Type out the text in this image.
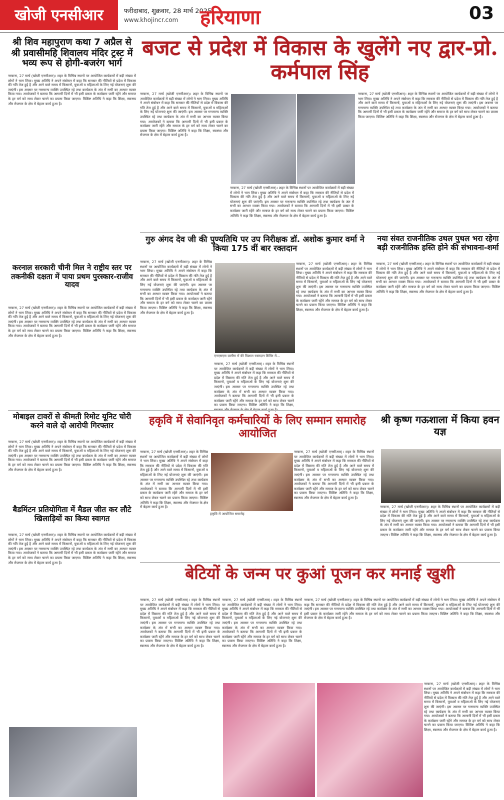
खोजी एनसीआर	फरीदाबाद, शुक्रवार, 28 मार्च 2025
www.khojincr.com हरियाणा	03
श्री शिव महापुराण कथा 7 अप्रैल से श्री प्रवासीमहि शिवालय मंदिर ट्रस्ट में भव्य रूप से होगी-बजरंग भार्ग
नरवाना, 27 मार्च (खोजी एनसीआर)। शहर के विभिन्न स्थानों पर आयोजित कार्यक्रमों में बड़ी संख्या में लोगों ने भाग लिया। मुख्य अतिथि ने अपने संबोधन में कहा कि सरकार की नीतियों से प्रदेश में विकास की गति तेज हुई है और आने वाले समय में किसानों, युवाओं व महिलाओं के लिए नई योजनाएं शुरू की जाएंगी। इस अवसर पर गणमान्य व्यक्ति उपस्थित रहे तथा कार्यक्रम के अंत में सभी का आभार व्यक्त किया गया। आयोजकों ने बताया कि आगामी दिनों में भी इसी प्रकार के कार्यक्रम जारी रहेंगे और समाज के हर वर्ग को साथ लेकर चलने का प्रयास किया जाएगा। विशिष्ट अतिथि ने कहा कि शिक्षा, स्वास्थ्य और रोजगार के क्षेत्र में बेहतर कार्य हुआ है।
बजट से प्रदेश में विकास के खुलेंगे नए द्वार-प्रो. कर्मपाल सिंह
नरवाना, 27 मार्च (खोजी एनसीआर)। शहर के विभिन्न स्थानों पर आयोजित कार्यक्रमों में बड़ी संख्या में लोगों ने भाग लिया। मुख्य अतिथि ने अपने संबोधन में कहा कि सरकार की नीतियों से प्रदेश में विकास की गति तेज हुई है और आने वाले समय में किसानों, युवाओं व महिलाओं के लिए नई योजनाएं शुरू की जाएंगी। इस अवसर पर गणमान्य व्यक्ति उपस्थित रहे तथा कार्यक्रम के अंत में सभी का आभार व्यक्त किया गया। आयोजकों ने बताया कि आगामी दिनों में भी इसी प्रकार के कार्यक्रम जारी रहेंगे और समाज के हर वर्ग को साथ लेकर चलने का प्रयास किया जाएगा। विशिष्ट अतिथि ने कहा कि शिक्षा, स्वास्थ्य और रोजगार के क्षेत्र में बेहतर कार्य हुआ है।
नरवाना, 27 मार्च (खोजी एनसीआर)। शहर के विभिन्न स्थानों पर आयोजित कार्यक्रमों में बड़ी संख्या में लोगों ने भाग लिया। मुख्य अतिथि ने अपने संबोधन में कहा कि सरकार की नीतियों से प्रदेश में विकास की गति तेज हुई है और आने वाले समय में किसानों, युवाओं व महिलाओं के लिए नई योजनाएं शुरू की जाएंगी। इस अवसर पर गणमान्य व्यक्ति उपस्थित रहे तथा कार्यक्रम के अंत में सभी का आभार व्यक्त किया गया। आयोजकों ने बताया कि आगामी दिनों में भी इसी प्रकार के कार्यक्रम जारी रहेंगे और समाज के हर वर्ग को साथ लेकर चलने का प्रयास किया जाएगा। विशिष्ट अतिथि ने कहा कि शिक्षा, स्वास्थ्य और रोजगार के क्षेत्र में बेहतर कार्य हुआ है।
नरवाना, 27 मार्च (खोजी एनसीआर)। शहर के विभिन्न स्थानों पर आयोजित कार्यक्रमों में बड़ी संख्या में लोगों ने भाग लिया। मुख्य अतिथि ने अपने संबोधन में कहा कि सरकार की नीतियों से प्रदेश में विकास की गति तेज हुई है और आने वाले समय में किसानों, युवाओं व महिलाओं के लिए नई योजनाएं शुरू की जाएंगी। इस अवसर पर गणमान्य व्यक्ति उपस्थित रहे तथा कार्यक्रम के अंत में सभी का आभार व्यक्त किया गया। आयोजकों ने बताया कि आगामी दिनों में भी इसी प्रकार के कार्यक्रम जारी रहेंगे और समाज के हर वर्ग को साथ लेकर चलने का प्रयास किया जाएगा। विशिष्ट अतिथि ने कहा कि शिक्षा, स्वास्थ्य और रोजगार के क्षेत्र में बेहतर कार्य हुआ है।
गुरु अंगद देव जी की पुण्यतिथि पर उप निरीक्षक डॉ. अशोक कुमार वर्मा ने किया 175 वीं बार रक्तदान
नरवाना, 27 मार्च (खोजी एनसीआर)। शहर के विभिन्न स्थानों पर आयोजित कार्यक्रमों में बड़ी संख्या में लोगों ने भाग लिया। मुख्य अतिथि ने अपने संबोधन में कहा कि सरकार की नीतियों से प्रदेश में विकास की गति तेज हुई है और आने वाले समय में किसानों, युवाओं व महिलाओं के लिए नई योजनाएं शुरू की जाएंगी। इस अवसर पर गणमान्य व्यक्ति उपस्थित रहे तथा कार्यक्रम के अंत में सभी का आभार व्यक्त किया गया। आयोजकों ने बताया कि आगामी दिनों में भी इसी प्रकार के कार्यक्रम जारी रहेंगे और समाज के हर वर्ग को साथ लेकर चलने का प्रयास किया जाएगा। विशिष्ट अतिथि ने कहा कि शिक्षा, स्वास्थ्य और रोजगार के क्षेत्र में बेहतर कार्य हुआ है।
एनएसएस ग्रामीण में की विशाल रक्तदान शिविर में...
नरवाना, 27 मार्च (खोजी एनसीआर)। शहर के विभिन्न स्थानों पर आयोजित कार्यक्रमों में बड़ी संख्या में लोगों ने भाग लिया। मुख्य अतिथि ने अपने संबोधन में कहा कि सरकार की नीतियों से प्रदेश में विकास की गति तेज हुई है और आने वाले समय में किसानों, युवाओं व महिलाओं के लिए नई योजनाएं शुरू की जाएंगी। इस अवसर पर गणमान्य व्यक्ति उपस्थित रहे तथा कार्यक्रम के अंत में सभी का आभार व्यक्त किया गया। आयोजकों ने बताया कि आगामी दिनों में भी इसी प्रकार के कार्यक्रम जारी रहेंगे और समाज के हर वर्ग को साथ लेकर चलने का प्रयास किया जाएगा। विशिष्ट अतिथि ने कहा कि शिक्षा, स्वास्थ्य और रोजगार के क्षेत्र में बेहतर कार्य हुआ है।
नरवाना, 27 मार्च (खोजी एनसीआर)। शहर के विभिन्न स्थानों पर आयोजित कार्यक्रमों में बड़ी संख्या में लोगों ने भाग लिया। मुख्य अतिथि ने अपने संबोधन में कहा कि सरकार की नीतियों से प्रदेश में विकास की गति तेज हुई है और आने वाले समय में किसानों, युवाओं व महिलाओं के लिए नई योजनाएं शुरू की जाएंगी। इस अवसर पर गणमान्य व्यक्ति उपस्थित रहे तथा कार्यक्रम के अंत में सभी का आभार व्यक्त किया गया। आयोजकों ने बताया कि आगामी दिनों में भी इसी प्रकार के कार्यक्रम जारी रहेंगे और समाज के हर वर्ग को साथ लेकर चलने का प्रयास किया जाएगा। विशिष्ट अतिथि ने कहा कि शिक्षा,
नया संवत राजनीतिक उथल पुथल भरा रहेगा बड़ी राजनीतिक हस्ति होने की संभावना-शर्मा
नरवाना, 27 मार्च (खोजी एनसीआर)। शहर के विभिन्न स्थानों पर आयोजित कार्यक्रमों में बड़ी संख्या में लोगों ने भाग लिया। मुख्य अतिथि ने अपने संबोधन में कहा कि सरकार की नीतियों से प्रदेश में विकास की गति तेज हुई है और आने वाले समय में किसानों, युवाओं व महिलाओं के लिए नई योजनाएं शुरू की जाएंगी। इस अवसर पर गणमान्य व्यक्ति उपस्थित रहे तथा कार्यक्रम के अंत में सभी का आभार व्यक्त किया गया। आयोजकों ने बताया कि आगामी दिनों में भी इसी प्रकार के कार्यक्रम जारी रहेंगे और समाज के हर वर्ग को साथ लेकर चलने का प्रयास किया जाएगा। विशिष्ट अतिथि ने कहा कि शिक्षा, स्वास्थ्य और रोजगार के क्षेत्र में बेहतर कार्य हुआ है।
करनाल सरकारी चीनी मिल ने राष्ट्रीय स्तर पर तकनीकी दक्षता में पाया प्रथम पुरस्कार-राजीव यादव
नरवाना, 27 मार्च (खोजी एनसीआर)। शहर के विभिन्न स्थानों पर आयोजित कार्यक्रमों में बड़ी संख्या में लोगों ने भाग लिया। मुख्य अतिथि ने अपने संबोधन में कहा कि सरकार की नीतियों से प्रदेश में विकास की गति तेज हुई है और आने वाले समय में किसानों, युवाओं व महिलाओं के लिए नई योजनाएं शुरू की जाएंगी। इस अवसर पर गणमान्य व्यक्ति उपस्थित रहे तथा कार्यक्रम के अंत में सभी का आभार व्यक्त किया गया। आयोजकों ने बताया कि आगामी दिनों में भी इसी प्रकार के कार्यक्रम जारी रहेंगे और समाज के हर वर्ग को साथ लेकर चलने का प्रयास किया जाएगा। विशिष्ट अतिथि ने कहा कि शिक्षा, स्वास्थ्य और रोजगार के क्षेत्र में बेहतर कार्य हुआ है।
मोबाइल टावरों से कीमती रिमोट यूनिट चोरी करने वाले दो आरोपी गिरफ्तार
नरवाना, 27 मार्च (खोजी एनसीआर)। शहर के विभिन्न स्थानों पर आयोजित कार्यक्रमों में बड़ी संख्या में लोगों ने भाग लिया। मुख्य अतिथि ने अपने संबोधन में कहा कि सरकार की नीतियों से प्रदेश में विकास की गति तेज हुई है और आने वाले समय में किसानों, युवाओं व महिलाओं के लिए नई योजनाएं शुरू की जाएंगी। इस अवसर पर गणमान्य व्यक्ति उपस्थित रहे तथा कार्यक्रम के अंत में सभी का आभार व्यक्त किया गया। आयोजकों ने बताया कि आगामी दिनों में भी इसी प्रकार के कार्यक्रम जारी रहेंगे और समाज के हर वर्ग को साथ लेकर चलने का प्रयास किया जाएगा। विशिष्ट अतिथि ने कहा कि शिक्षा, स्वास्थ्य और रोजगार के क्षेत्र में बेहतर कार्य हुआ है।
हकृवि में सेवानिवृत कर्मचारियों के लिए सम्मान समारोह आयोजित
नरवाना, 27 मार्च (खोजी एनसीआर)। शहर के विभिन्न स्थानों पर आयोजित कार्यक्रमों में बड़ी संख्या में लोगों ने भाग लिया। मुख्य अतिथि ने अपने संबोधन में कहा कि सरकार की नीतियों से प्रदेश में विकास की गति तेज हुई है और आने वाले समय में किसानों, युवाओं व महिलाओं के लिए नई योजनाएं शुरू की जाएंगी। इस अवसर पर गणमान्य व्यक्ति उपस्थित रहे तथा कार्यक्रम के अंत में सभी का आभार व्यक्त किया गया। आयोजकों ने बताया कि आगामी दिनों में भी इसी प्रकार के कार्यक्रम जारी रहेंगे और समाज के हर वर्ग को साथ लेकर चलने का प्रयास किया जाएगा। विशिष्ट अतिथि ने कहा कि शिक्षा, स्वास्थ्य और रोजगार के क्षेत्र में बेहतर कार्य हुआ है।
हकृवि में आयोजित समारोह
नरवाना, 27 मार्च (खोजी एनसीआर)। शहर के विभिन्न स्थानों पर आयोजित कार्यक्रमों में बड़ी संख्या में लोगों ने भाग लिया। मुख्य अतिथि ने अपने संबोधन में कहा कि सरकार की नीतियों से प्रदेश में विकास की गति तेज हुई है और आने वाले समय में किसानों, युवाओं व महिलाओं के लिए नई योजनाएं शुरू की जाएंगी। इस अवसर पर गणमान्य व्यक्ति उपस्थित रहे तथा कार्यक्रम के अंत में सभी का आभार व्यक्त किया गया। आयोजकों ने बताया कि आगामी दिनों में भी इसी प्रकार के कार्यक्रम जारी रहेंगे और समाज के हर वर्ग को साथ लेकर चलने का प्रयास किया जाएगा। विशिष्ट अतिथि ने कहा कि शिक्षा, स्वास्थ्य और रोजगार के क्षेत्र में बेहतर कार्य हुआ है।
श्री कृष्ण गऊशाला में किया हवन यज्ञ
नरवाना, 27 मार्च (खोजी एनसीआर)। शहर के विभिन्न स्थानों पर आयोजित कार्यक्रमों में बड़ी संख्या में लोगों ने भाग लिया। मुख्य अतिथि ने अपने संबोधन में कहा कि सरकार की नीतियों से प्रदेश में विकास की गति तेज हुई है और आने वाले समय में किसानों, युवाओं व महिलाओं के लिए नई योजनाएं शुरू की जाएंगी। इस अवसर पर गणमान्य व्यक्ति उपस्थित रहे तथा कार्यक्रम के अंत में सभी का आभार व्यक्त किया गया। आयोजकों ने बताया कि आगामी दिनों में भी इसी प्रकार के कार्यक्रम जारी रहेंगे और समाज के हर वर्ग को साथ लेकर चलने का प्रयास किया जाएगा। विशिष्ट अतिथि ने कहा कि शिक्षा, स्वास्थ्य और रोजगार के क्षेत्र में बेहतर कार्य हुआ है।
बैडमिंटन प्रतियोगिता में मैडल जीत कर लौटे खिलाड़ियों का किया स्वागत
नरवाना, 27 मार्च (खोजी एनसीआर)। शहर के विभिन्न स्थानों पर आयोजित कार्यक्रमों में बड़ी संख्या में लोगों ने भाग लिया। मुख्य अतिथि ने अपने संबोधन में कहा कि सरकार की नीतियों से प्रदेश में विकास की गति तेज हुई है और आने वाले समय में किसानों, युवाओं व महिलाओं के लिए नई योजनाएं शुरू की जाएंगी। इस अवसर पर गणमान्य व्यक्ति उपस्थित रहे तथा कार्यक्रम के अंत में सभी का आभार व्यक्त किया गया। आयोजकों ने बताया कि आगामी दिनों में भी इसी प्रकार के कार्यक्रम जारी रहेंगे और समाज के हर वर्ग को साथ लेकर चलने का प्रयास किया जाएगा। विशिष्ट अतिथि ने कहा कि शिक्षा, स्वास्थ्य और रोजगार के क्षेत्र में बेहतर कार्य हुआ है।
बेटियों के जन्म पर कुआं पूजन कर मनाई खुशी
नरवाना, 27 मार्च (खोजी एनसीआर)। शहर के विभिन्न स्थानों पर आयोजित कार्यक्रमों में बड़ी संख्या में लोगों ने भाग लिया। मुख्य अतिथि ने अपने संबोधन में कहा कि सरकार की नीतियों से प्रदेश में विकास की गति तेज हुई है और आने वाले समय में किसानों, युवाओं व महिलाओं के लिए नई योजनाएं शुरू की जाएंगी। इस अवसर पर गणमान्य व्यक्ति उपस्थित रहे तथा कार्यक्रम के अंत में सभी का आभार व्यक्त किया गया। आयोजकों ने बताया कि आगामी दिनों में भी इसी प्रकार के कार्यक्रम जारी रहेंगे और समाज के हर वर्ग को साथ लेकर चलने का प्रयास किया जाएगा। विशिष्ट अतिथि ने कहा कि शिक्षा, स्वास्थ्य और रोजगार के क्षेत्र में बेहतर कार्य हुआ है।
नरवाना, 27 मार्च (खोजी एनसीआर)। शहर के विभिन्न स्थानों पर आयोजित कार्यक्रमों में बड़ी संख्या में लोगों ने भाग लिया। मुख्य अतिथि ने अपने संबोधन में कहा कि सरकार की नीतियों से प्रदेश में विकास की गति तेज हुई है और आने वाले समय में किसानों, युवाओं व महिलाओं के लिए नई योजनाएं शुरू की जाएंगी। इस अवसर पर गणमान्य व्यक्ति उपस्थित रहे तथा कार्यक्रम के अंत में सभी का आभार व्यक्त किया गया। आयोजकों ने बताया कि आगामी दिनों में भी इसी प्रकार के कार्यक्रम जारी रहेंगे और समाज के हर वर्ग को साथ लेकर चलने का प्रयास किया जाएगा। विशिष्ट अतिथि ने कहा कि शिक्षा, स्वास्थ्य और रोजगार के क्षेत्र में बेहतर कार्य हुआ है।
नरवाना, 27 मार्च (खोजी एनसीआर)। शहर के विभिन्न स्थानों पर आयोजित कार्यक्रमों में बड़ी संख्या में लोगों ने भाग लिया। मुख्य अतिथि ने अपने संबोधन में कहा कि सरकार की नीतियों से प्रदेश में विकास की गति तेज हुई है और आने वाले समय में किसानों, युवाओं व महिलाओं के लिए नई योजनाएं शुरू की जाएंगी। इस अवसर पर गणमान्य व्यक्ति उपस्थित रहे तथा कार्यक्रम के अंत में सभी का आभार व्यक्त किया गया। आयोजकों ने बताया कि आगामी दिनों में भी इसी प्रकार के कार्यक्रम जारी रहेंगे और समाज के हर वर्ग को साथ लेकर चलने का प्रयास किया जाएगा। विशिष्ट अतिथि ने कहा कि शिक्षा, स्वास्थ्य और रोजगार के क्षेत्र में बेहतर कार्य हुआ है।
नरवाना, 27 मार्च (खोजी एनसीआर)। शहर के विभिन्न स्थानों पर आयोजित कार्यक्रमों में बड़ी संख्या में लोगों ने भाग लिया। मुख्य अतिथि ने अपने संबोधन में कहा कि सरकार की नीतियों से प्रदेश में विकास की गति तेज हुई है और आने वाले समय में किसानों, युवाओं व महिलाओं के लिए नई योजनाएं शुरू की जाएंगी। इस अवसर पर गणमान्य व्यक्ति उपस्थित रहे तथा कार्यक्रम के अंत में सभी का आभार व्यक्त किया गया। आयोजकों ने बताया कि आगामी दिनों में भी इसी प्रकार के कार्यक्रम जारी रहेंगे और समाज के हर वर्ग को साथ लेकर चलने का प्रयास किया जाएगा। विशिष्ट अतिथि ने कहा कि शिक्षा, स्वास्थ्य और रोजगार के क्षेत्र में बेहतर कार्य हुआ है।
